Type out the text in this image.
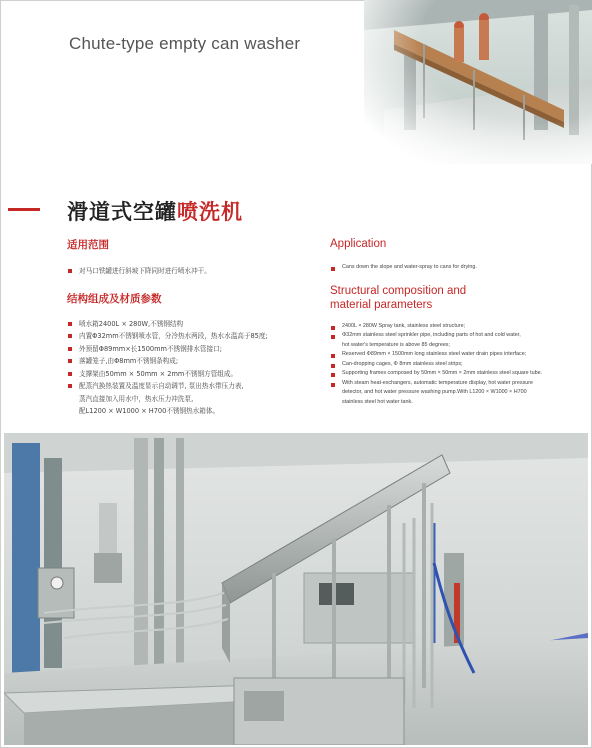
Chute-type empty can washer
滑道式空罐喷洗机
适用范围
对马口铁罐进行斜坡下降同时进行喷水冲干。
结构组成及材质参数
喷水箱2400L × 280W,不锈钢结构
内置Φ32mm不锈钢喷水管，分冷热水两段，热水水温高于85度;
外预留Φ89mm×长1500mm不锈钢排水管接口;
落罐笼子,由Φ8mm不锈钢条构成;
支撑架由50mm × 50mm × 2mm不锈钢方管组成。
配蒸汽换热装置及温度显示自动调节, 泵出热水带压力表,
蒸汽直接加入用水中，热水压力冲洗泵,
配L1200 × W1000 × H700不锈钢热水箱体。
Application
Cans down the slope and water-spray to cans for drying.
Structural composition and
material parameters
2400L × 280W Spray tank, stainless steel structure;
Φ32mm stainless steel sprinkler pipe, including parts of hot and cold water,
hot water's temperature is above 85 degrees;
Reserved Φ89mm × 1500mm long stainless steel water drain pipes interface;
Can-dropping cages, Φ 8mm stainless steel strips;
Supporting frames composed by 50mm × 50mm × 2mm stainless steel square tube.
With steam heat-exchangers, automatic temperature display, hot water pressure
detector, and hot water pressure washing pump.With L1200 × W1000 × H700
stainless steel hot water tank.
